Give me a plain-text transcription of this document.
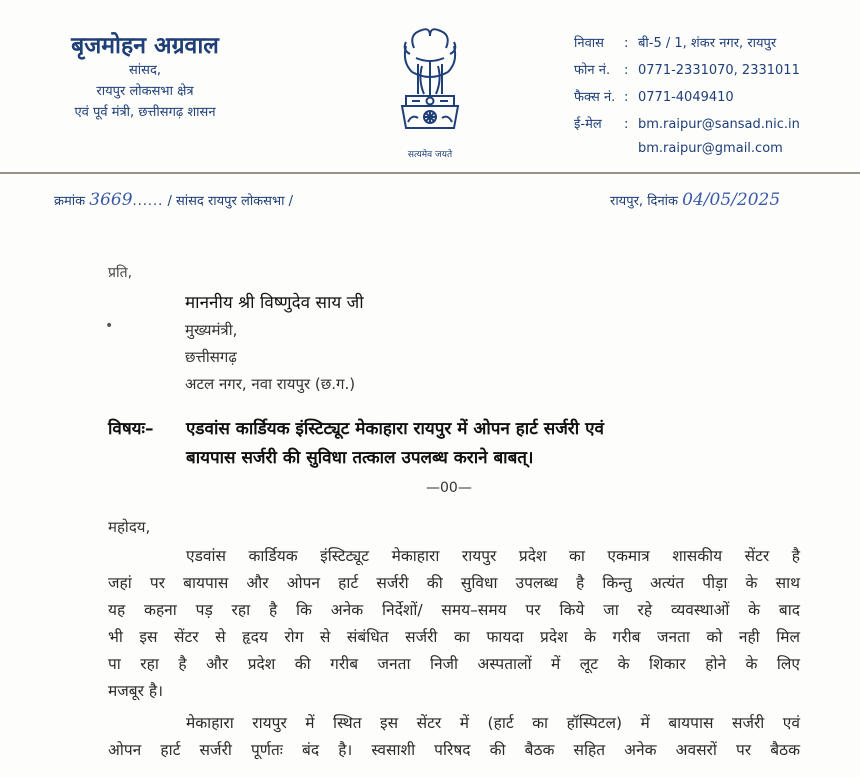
बृजमोहन अग्रवाल
सांसद,
रायपुर लोकसभा क्षेत्र
एवं पूर्व मंत्री, छत्तीसगढ़ शासन
सत्यमेव जयते
निवास	: बी-5 / 1, शंकर नगर, रायपुर
फोन नं.	: 0771-2331070, 2331011
फैक्स नं. : 0771-4049410
ई-मेल	: bm.raipur@sansad.nic.in
bm.raipur@gmail.com
क्रमांक 3669...... / सांसद रायपुर लोकसभा /	रायपुर, दिनांक 04/05/2025
प्रति,
•
माननीय श्री विष्णुदेव साय जी
मुख्यमंत्री,
छत्तीसगढ़
अटल नगर, नवा रायपुर (छ.ग.)
विषयः– एडवांस कार्डियक इंस्टिट्यूट मेकाहारा रायपुर में ओपन हार्ट सर्जरी एवं
बायपास सर्जरी की सुविधा तत्काल उपलब्ध कराने बाबत्।
—00—
महोदय,
एडवांस कार्डियक इंस्टिट्यूट मेकाहारा रायपुर प्रदेश का एकमात्र शासकीय सेंटर है
जहां पर बायपास और ओपन हार्ट सर्जरी की सुविधा उपलब्ध है किन्तु अत्यंत पीड़ा के साथ
यह कहना पड़ रहा है कि अनेक निर्देशों/ समय–समय पर किये जा रहे व्यवस्थाओं के बाद
भी इस सेंटर से हृदय रोग से संबंधित सर्जरी का फायदा प्रदेश के गरीब जनता को नही मिल
पा रहा है और प्रदेश की गरीब जनता निजी अस्पतालों में लूट के शिकार होने के लिए
मजबूर है।
मेकाहारा रायपुर में स्थित इस सेंटर में (हार्ट का हॉस्पिटल) में बायपास सर्जरी एवं
ओपन हार्ट सर्जरी पूर्णतः बंद है। स्वसाशी परिषद की बैठक सहित अनेक अवसरों पर बैठक
